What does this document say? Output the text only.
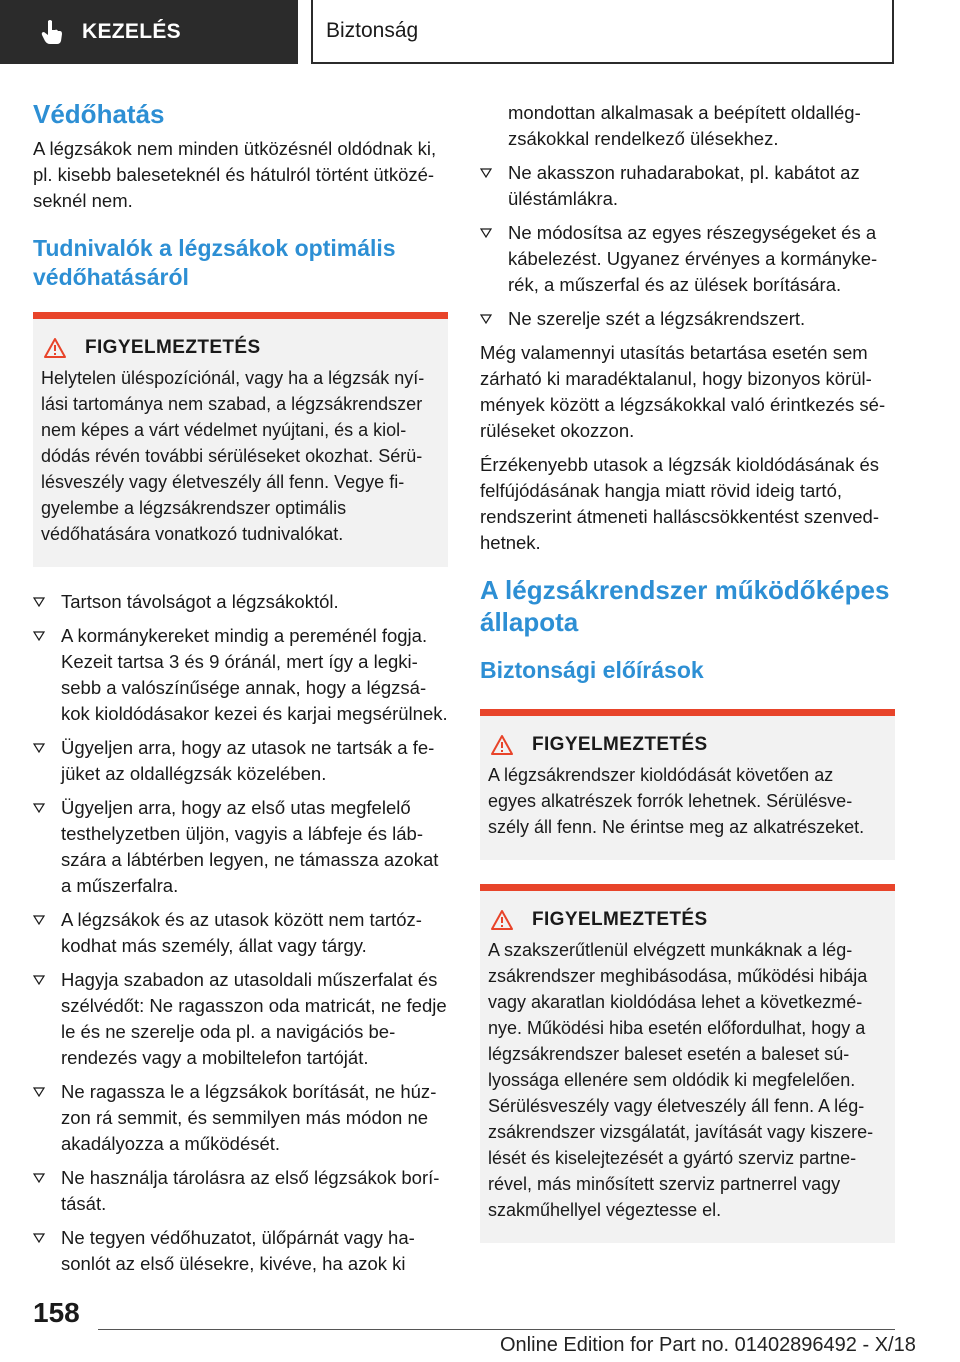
KEZELÉS	Biztonság
Védőhatás

A légzsákok nem minden ütközésnél oldódnak ki, pl. kisebb baleseteknél és hátulról történt ütközéseknél nem.

Tudnivalók a légzsákok optimális védőhatásáról
FIGYELMEZTETÉS

Helytelen üléspozíciónál, vagy ha a légzsák nyílási tartománya nem szabad, a légzsákrendszer nem képes a várt védelmet nyújtani, és a kioldódás révén további sérüléseket okozhat. Sérülésveszély vagy életveszély áll fenn. Vegye figyelembe a légzsákrendszer optimális védőhatására vonatkozó tudnivalókat.

Tartson távolságot a légzsákoktól.
A kormánykereket mindig a pereménél fogja. Kezeit tartsa 3 és 9 óránál, mert így a legkisebb a valószínűsége annak, hogy a légzsákok kioldódásakor kezei és karjai megsérülnek.
Ügyeljen arra, hogy az utasok ne tartsák a fejüket az oldallégzsák közelében.
Ügyeljen arra, hogy az első utas megfelelő testhelyzetben üljön, vagyis a lábfeje és lábszára a lábtérben legyen, ne támassza azokat a műszerfalra.
A légzsákok és az utasok között nem tartózkodhat más személy, állat vagy tárgy.
Hagyja szabadon az utasoldali műszerfalat és szélvédőt: Ne ragasszon oda matricát, ne fedje le és ne szerelje oda pl. a navigációs berendezés vagy a mobiltelefon tartóját.
Ne ragassza le a légzsákok borítását, ne húzzon rá semmit, és semmilyen más módon ne akadályozza a működését.
Ne használja tárolásra az első légzsákok borítását.
Ne tegyen védőhuzatot, ülőpárnát vagy hasonlót az első ülésekre, kivéve, ha azok ki

mondottan alkalmasak a beépített oldallégzsákokkal rendelkező ülésekhez.

Ne akasszon ruhadarabokat, pl. kabátot az üléstámlákra.
Ne módosítsa az egyes részegységeket és a kábelezést. Ugyanez érvényes a kormánykerék, a műszerfal és az ülések borítására.
Ne szerelje szét a légzsákrendszert.

Még valamennyi utasítás betartása esetén sem zárható ki maradéktalanul, hogy bizonyos körülmények között a légzsákokkal való érintkezés sérüléseket okozzon.

Érzékenyebb utasok a légzsák kioldódásának és felfújódásának hangja miatt rövid ideig tartó, rendszerint átmeneti halláscsökkentést szenvedhetnek.

A légzsákrendszer működőképes állapota
Biztonsági előírások
FIGYELMEZTETÉS

A légzsákrendszer kioldódását követően az egyes alkatrészek forrók lehetnek. Sérülésveszély áll fenn. Ne érintse meg az alkatrészeket.

FIGYELMEZTETÉS

A szakszerűtlenül elvégzett munkáknak a légzsákrendszer meghibásodása, működési hibája vagy akaratlan kioldódása lehet a következménye. Működési hiba esetén előfordulhat, hogy a légzsákrendszer baleset esetén a baleset súlyossága ellenére sem oldódik ki megfelelően. Sérülésveszély vagy életveszély áll fenn. A légzsákrendszer vizsgálatát, javítását vagy kiszerelését és kiselejtezését a gyártó szerviz partnerével, más minősített szerviz partnerrel vagy szakműhellyel végeztesse el.

158
Online Edition for Part no. 01402896492 - X/18
